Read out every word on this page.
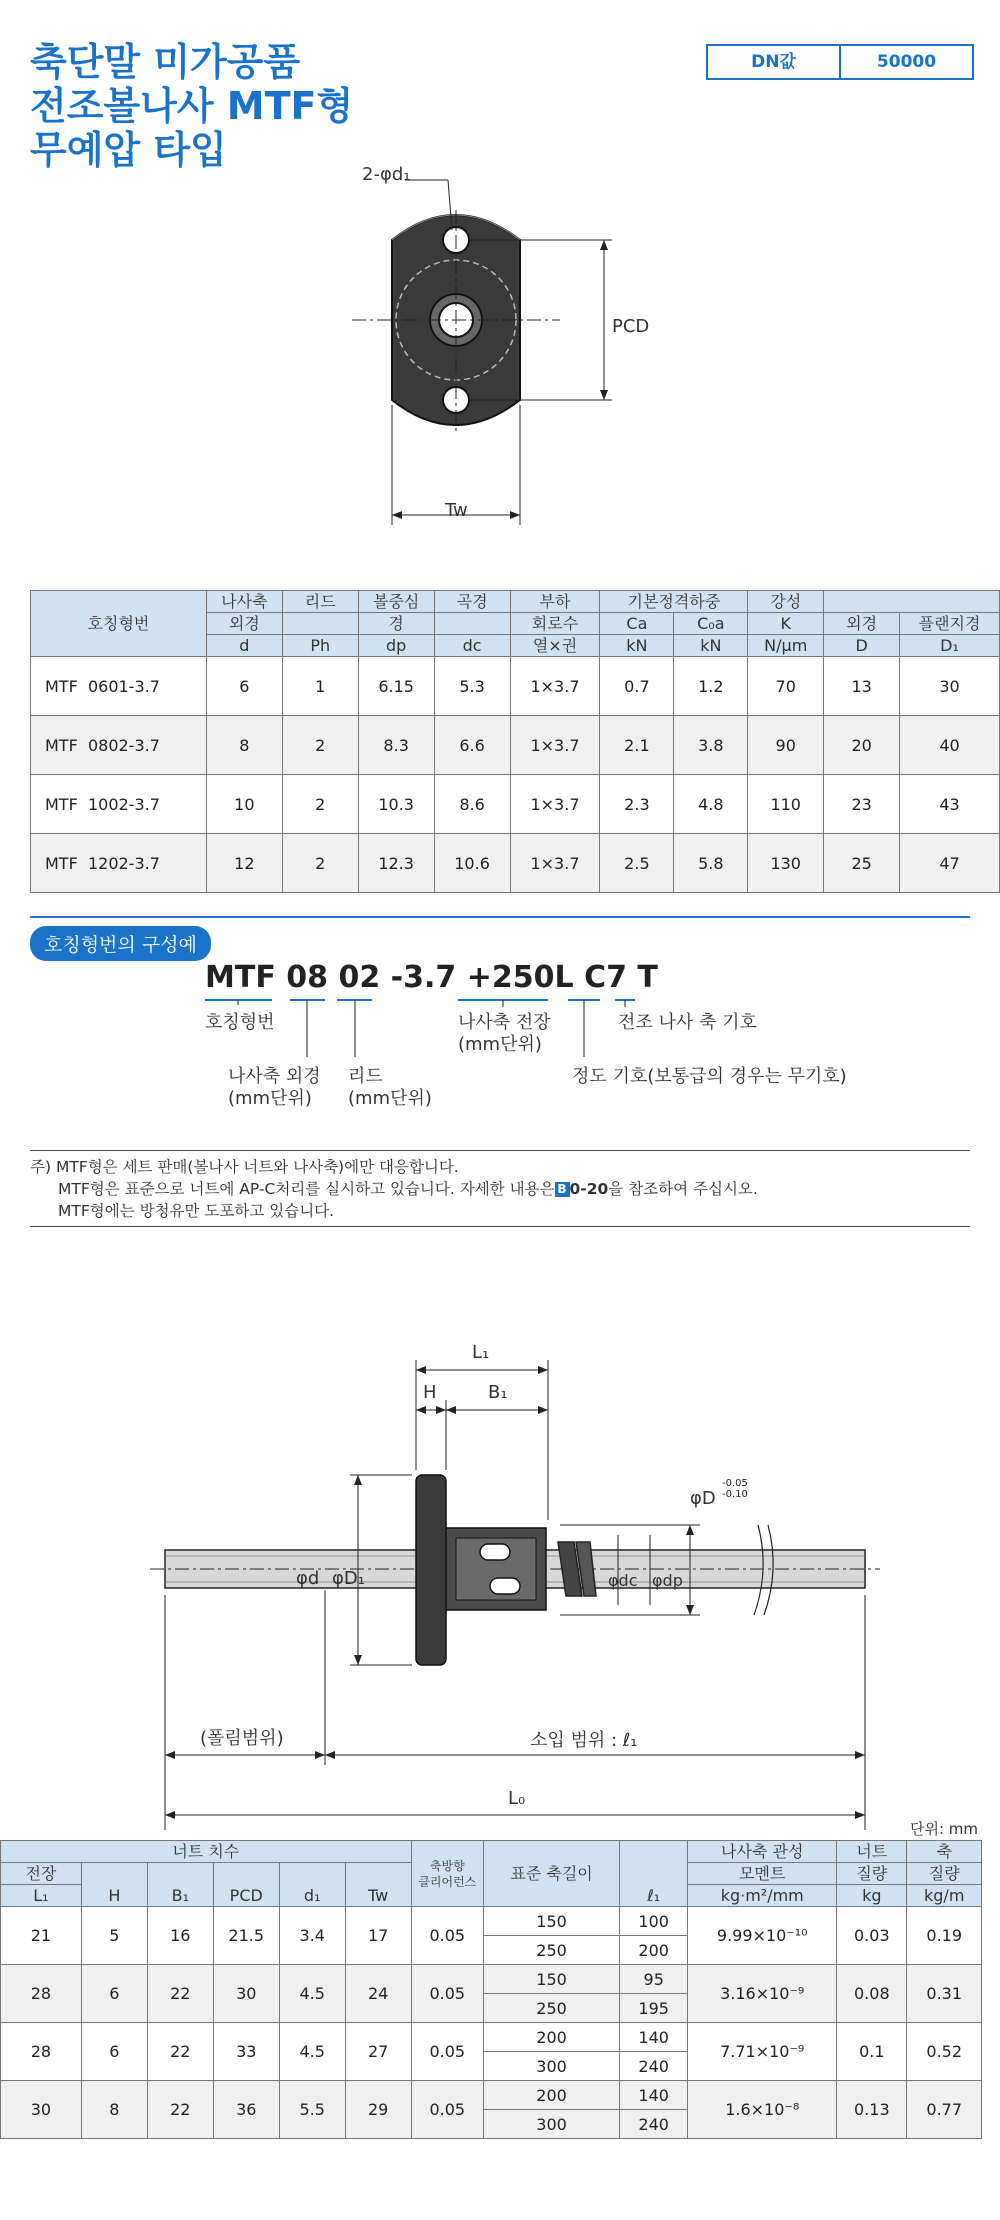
축단말 미가공품
전조볼나사 MTF형
무예압 타입
DN값	50000
2-φd₁
PCD
Tw
호칭형번	나사축	리드	볼중심	곡경	부하	기본정격하중		강성		
	외경		경		회로수	Ca	C₀a	K	외경	플랜지경
	d	Ph	dp	dc	열×권	kN	kN	N/μm	D	D₁
MTF  0601-3.7	6	1	6.15	5.3	1×3.7	0.7	1.2	70	13	30
MTF  0802-3.7	8	2	8.3	6.6	1×3.7	2.1	3.8	90	20	40
MTF  1002-3.7	10	2	10.3	8.6	1×3.7	2.3	4.8	110	23	43
MTF  1202-3.7	12	2	12.3	10.6	1×3.7	2.5	5.8	130	25	47
호칭형번의 구성예
MTF 08 02 -3.7 +250L C7 T
호칭형번
나사축 외경
(mm단위)
리드
(mm단위)
나사축 전장
(mm단위)
정도 기호(보통급의 경우는 무기호)
전조 나사 축 기호
주) MTF형은 세트 판매(볼나사 너트와 나사축)에만 대응합니다.
MTF형은 표준으로 너트에 AP-C처리를 실시하고 있습니다. 자세한 내용은 B 0-20을 참조하여 주십시오.
MTF형에는 방청유만 도포하고 있습니다.
L₁
H	B₁
φD
-0.05
-0.10
φd φD₁	φdc φdp
(폴림범위)	소입 범위 : ℓ₁
L₀
단위: mm
너트 치수						축방향
클리어런스	표준 축길이	ℓ₁	나사축 관성	너트	축
전장	H	B₁	PCD	d₁	Tw				모멘트	질량	질량
L₁									kg·m²/mm	kg	kg/m
21	5	16	21.5	3.4	17	0.05	150	100	9.99×10⁻¹⁰	0.03	0.19
							250	200			
28	6	22	30	4.5	24	0.05	150	95	3.16×10⁻⁹	0.08	0.31
							250	195			
28	6	22	33	4.5	27	0.05	200	140	7.71×10⁻⁹	0.1	0.52
							300	240			
30	8	22	36	5.5	29	0.05	200	140	1.6×10⁻⁸	0.13	0.77
							300	240			
